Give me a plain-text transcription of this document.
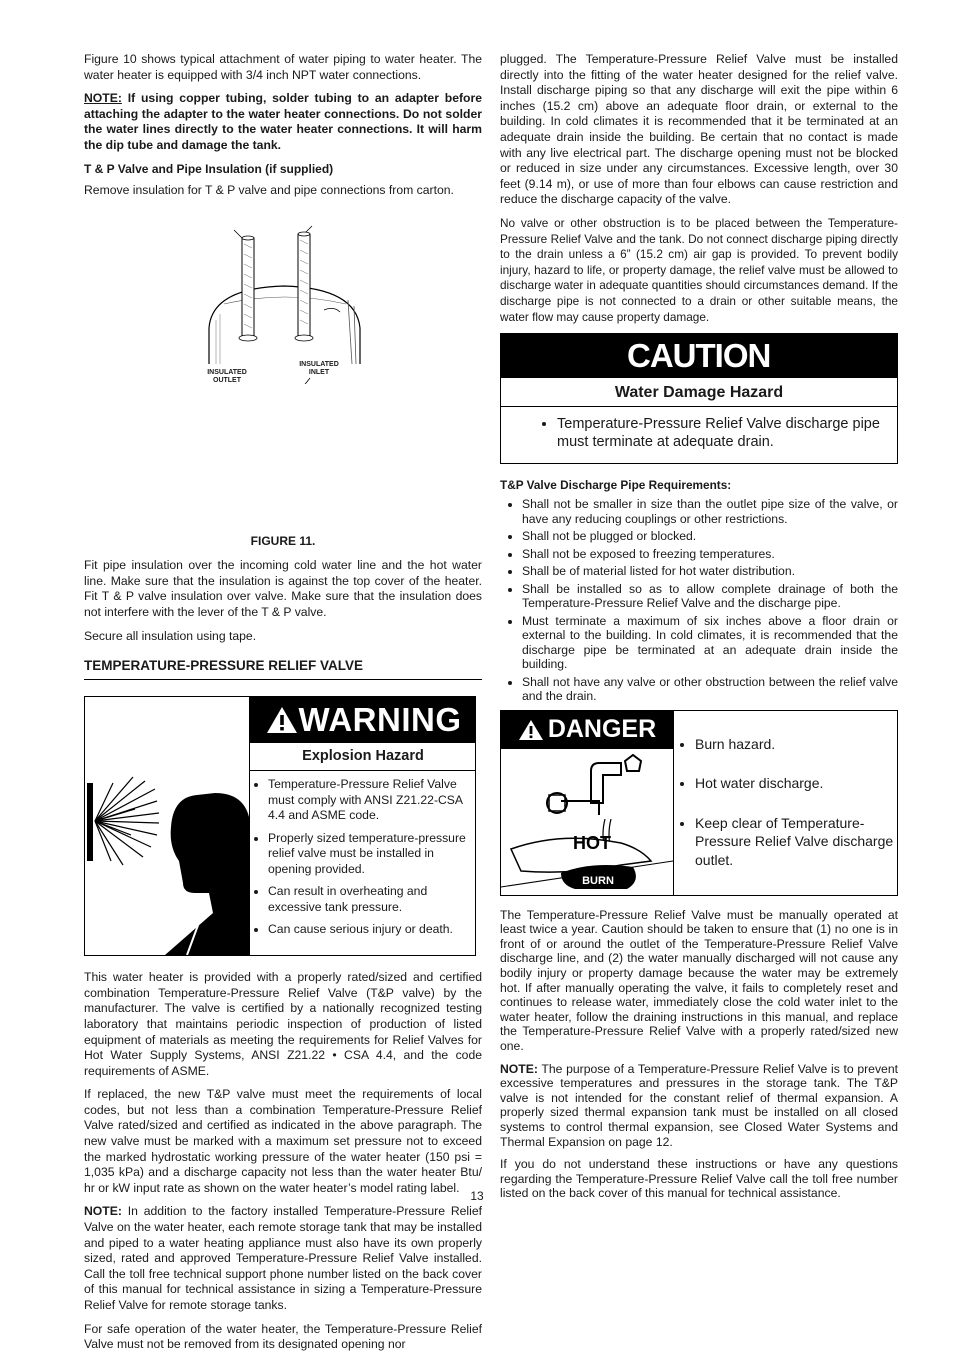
Figure 10 shows typical attachment of water piping to water heater. The water heater is equipped with 3/4 inch NPT water connections.

NOTE: If using copper tubing, solder tubing to an adapter before attaching the adapter to the water heater connections. Do not solder the water lines directly to the water heater connections. It will harm the dip tube and damage the tank.

T & P Valve and Pipe Insulation (if supplied)

Remove insulation for T & P valve and pipe connections from carton.

INSULATED OUTLET
INSULATED INLET
FIGURE 11.

Fit pipe insulation over the incoming cold water line and the hot water line. Make sure that the insulation is against the top cover of the heater. Fit T & P valve insulation over valve. Make sure that the insulation does not interfere with the lever of the T & P valve.

Secure all insulation using tape.

TEMPERATURE-PRESSURE RELIEF VALVE
WARNING
Explosion Hazard
• Temperature-Pressure Relief Valve must comply with ANSI Z21.22-CSA 4.4 and ASME code.
• Properly sized temperature-pressure relief valve must be installed in opening provided.
• Can result in overheating and excessive tank pressure.
• Can cause serious injury or death.

This water heater is provided with a properly rated/sized and certified combination Temperature-Pressure Relief Valve (T&P valve) by the manufacturer. The valve is certified by a nationally recognized testing laboratory that maintains periodic inspection of production of listed equipment of materials as meeting the requirements for Relief Valves for Hot Water Supply Systems, ANSI Z21.22 • CSA 4.4, and the code requirements of ASME.

If replaced, the new T&P valve must meet the requirements of local codes, but not less than a combination Temperature-Pressure Relief Valve rated/sized and certified as indicated in the above paragraph. The new valve must be marked with a maximum set pressure not to exceed the marked hydrostatic working pressure of the water heater (150 psi = 1,035 kPa) and a discharge capacity not less than the water heater Btu/ hr or kW input rate as shown on the water heater’s model rating label.

NOTE: In addition to the factory installed Temperature-Pressure Relief Valve on the water heater, each remote storage tank that may be installed and piped to a water heating appliance must also have its own properly sized, rated and approved Temperature-Pressure Relief Valve installed. Call the toll free technical support phone number listed on the back cover of this manual for technical assistance in sizing a Temperature-Pressure Relief Valve for remote storage tanks.

For safe operation of the water heater, the Temperature-Pressure Relief Valve must not be removed from its designated opening nor

plugged. The Temperature-Pressure Relief Valve must be installed directly into the fitting of the water heater designed for the relief valve. Install discharge piping so that any discharge will exit the pipe within 6 inches (15.2 cm) above an adequate floor drain, or external to the building. In cold climates it is recommended that it be terminated at an adequate drain inside the building. Be certain that no contact is made with any live electrical part. The discharge opening must not be blocked or reduced in size under any circumstances. Excessive length, over 30 feet (9.14 m), or use of more than four elbows can cause restriction and reduce the discharge capacity of the valve.

No valve or other obstruction is to be placed between the Temperature-Pressure Relief Valve and the tank. Do not connect discharge piping directly to the drain unless a 6” (15.2 cm) air gap is provided. To prevent bodily injury, hazard to life, or property damage, the relief valve must be allowed to discharge water in adequate quantities should circumstances demand. If the discharge pipe is not connected to a drain or other suitable means, the water flow may cause property damage.

CAUTION
Water Damage Hazard
• Temperature-Pressure Relief Valve discharge pipe must terminate at adequate drain.
T&P Valve Discharge Pipe Requirements:
• Shall not be smaller in size than the outlet pipe size of the valve, or have any reducing couplings or other restrictions.
• Shall not be plugged or blocked.
• Shall not be exposed to freezing temperatures.
• Shall be of material listed for hot water distribution.
• Shall be installed so as to allow complete drainage of both the Temperature-Pressure Relief Valve and the discharge pipe.
• Must terminate a maximum of six inches above a floor drain or external to the building. In cold climates, it is recommended that the discharge pipe be terminated at an adequate drain inside the building.
• Shall not have any valve or other obstruction between the relief valve and the drain.
BURN
HOT
DANGER
• Burn hazard.
• Hot water discharge.
• Keep clear of Temperature-Pressure Relief Valve discharge outlet.

The Temperature-Pressure Relief Valve must be manually operated at least twice a year. Caution should be taken to ensure that (1) no one is in front of or around the outlet of the Temperature-Pressure Relief Valve discharge line, and (2) the water manually discharged will not cause any bodily injury or property damage because the water may be extremely hot. If after manually operating the valve, it fails to completely reset and continues to release water, immediately close the cold water inlet to the water heater, follow the draining instructions in this manual, and replace the Temperature-Pressure Relief Valve with a properly rated/sized new one.

NOTE: The purpose of a Temperature-Pressure Relief Valve is to prevent excessive temperatures and pressures in the storage tank. The T&P valve is not intended for the constant relief of thermal expansion. A properly sized thermal expansion tank must be installed on all closed systems to control thermal expansion, see Closed Water Systems and Thermal Expansion on page 12.

If you do not understand these instructions or have any questions regarding the Temperature-Pressure Relief Valve call the toll free number listed on the back cover of this manual for technical assistance.

13
